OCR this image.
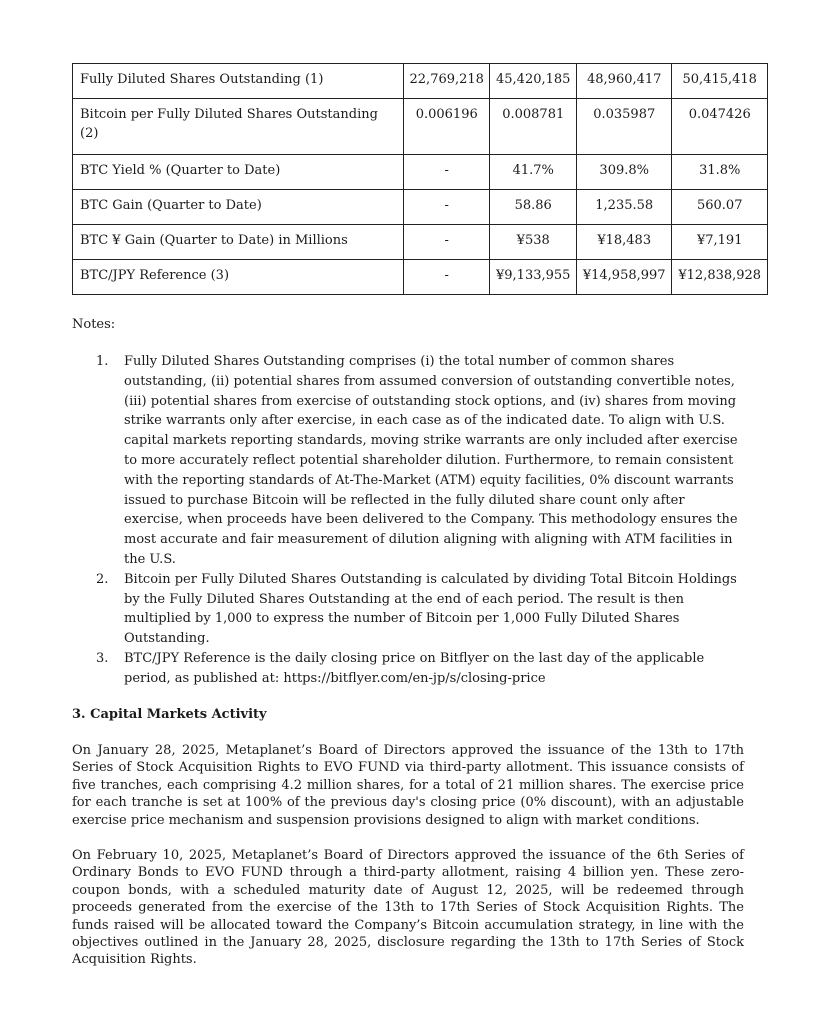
Fully Diluted Shares Outstanding (1)	22,769,218	45,420,185	48,960,417	50,415,418
Bitcoin per Fully Diluted Shares Outstanding (2)	0.006196	0.008781	0.035987	0.047426
BTC Yield % (Quarter to Date)	-	41.7%	309.8%	31.8%
BTC Gain (Quarter to Date)	-	58.86	1,235.58	560.07
BTC ¥ Gain (Quarter to Date) in Millions	-	¥538	¥18,483	¥7,191
BTC/JPY Reference (3)	-	¥9,133,955	¥14,958,997	¥12,838,928
Notes:
1. Fully Diluted Shares Outstanding comprises (i) the total number of common shares outstanding, (ii) potential shares from assumed conversion of outstanding convertible notes, (iii) potential shares from exercise of outstanding stock options, and (iv) shares from moving strike warrants only after exercise, in each case as of the indicated date. To align with U.S. capital markets reporting standards, moving strike warrants are only included after exercise to more accurately reflect potential shareholder dilution. Furthermore, to remain consistent with the reporting standards of At-The-Market (ATM) equity facilities, 0% discount warrants issued to purchase Bitcoin will be reflected in the fully diluted share count only after exercise, when proceeds have been delivered to the Company. This methodology ensures the most accurate and fair measurement of dilution aligning with aligning with ATM facilities in the U.S.
2. Bitcoin per Fully Diluted Shares Outstanding is calculated by dividing Total Bitcoin Holdings by the Fully Diluted Shares Outstanding at the end of each period. The result is then multiplied by 1,000 to express the number of Bitcoin per 1,000 Fully Diluted Shares Outstanding.
3. BTC/JPY Reference is the daily closing price on Bitflyer on the last day of the applicable period, as published at: https://bitflyer.com/en-jp/s/closing-price
3. Capital Markets Activity

On January 28, 2025, Metaplanet’s Board of Directors approved the issuance of the 13th to 17th Series of Stock Acquisition Rights to EVO FUND via third-party allotment. This issuance consists of five tranches, each comprising 4.2 million shares, for a total of 21 million shares. The exercise price for each tranche is set at 100% of the previous day's closing price (0% discount), with an adjustable exercise price mechanism and suspension provisions designed to align with market conditions.

On February 10, 2025, Metaplanet’s Board of Directors approved the issuance of the 6th Series of Ordinary Bonds to EVO FUND through a third-party allotment, raising 4 billion yen. These zero-coupon bonds, with a scheduled maturity date of August 12, 2025, will be redeemed through proceeds generated from the exercise of the 13th to 17th Series of Stock Acquisition Rights. The funds raised will be allocated toward the Company’s Bitcoin accumulation strategy, in line with the objectives outlined in the January 28, 2025, disclosure regarding the 13th to 17th Series of Stock Acquisition Rights.
